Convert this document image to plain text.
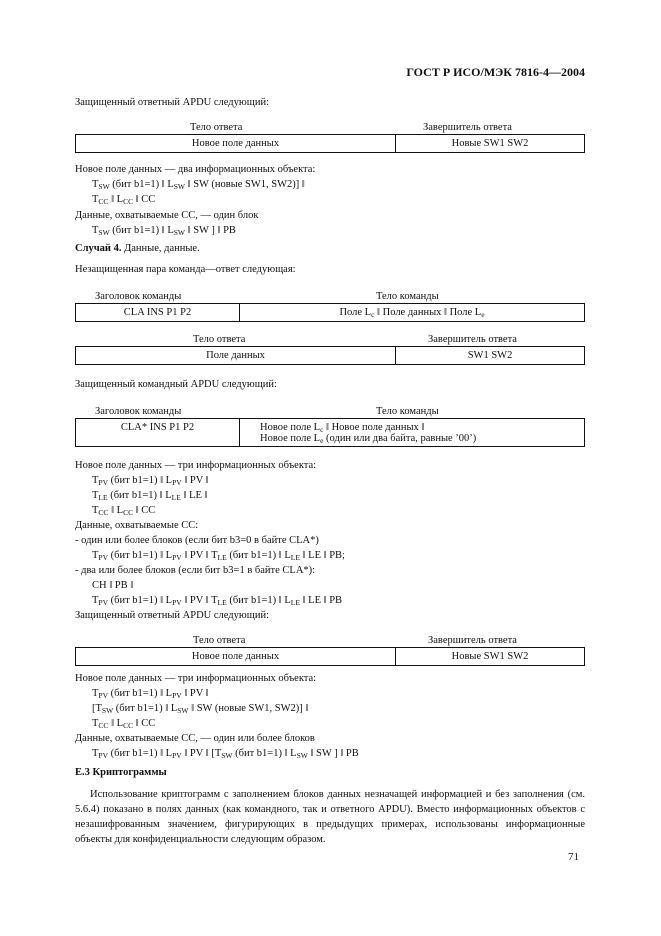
ГОСТ Р ИСО/МЭК 7816-4—2004
Защищенный ответный APDU следующий:
Тело ответа	Завершитель ответа
Новое поле данных	Новые SW1 SW2
Новое поле данных — два информационных объекта:
$T_{SW}$ (бит b1=1) ǁ $L_{SW}$ ǁ SW (новые SW1, SW2)] ǁ
$T_{CC}$ ǁ $L_{CC}$ ǁ CC
Данные, охватываемые CC, — один блок
$T_{SW}$ (бит b1=1) ǁ $L_{SW}$ ǁ SW ] ǁ PB
Случай 4. Данные, данные.
Незащищенная пара команда—ответ следующая:
Заголовок команды	Тело команды
CLA INS P1 P2	Поле $L_c$ ǁ Поле данных ǁ Поле $L_e$
Тело ответа	Завершитель ответа
Поле данных	SW1 SW2
Защищенный командный APDU следующий:
Заголовок команды	Тело команды
CLA* INS P1 P2	Новое поле $L_c$ ǁ Новое поле данных ǁ
Новое поле $L_e$ (один или два байта, равные ’00’)
Новое поле данных — три информационных объекта:
$T_{PV}$ (бит b1=1) ǁ $L_{PV}$ ǁ PV ǁ
$T_{LE}$ (бит b1=1) ǁ $L_{LE}$ ǁ LE ǁ
$T_{CC}$ ǁ $L_{CC}$ ǁ CC
Данные, охватываемые CC:
- один или более блоков (если бит b3=0 в байте CLA*)
$T_{PV}$ (бит b1=1) ǁ $L_{PV}$ ǁ PV ǁ $T_{LE}$ (бит b1=1) ǁ $L_{LE}$ ǁ LE ǁ PB;
- два или более блоков (если бит b3=1 в байте CLA*):
CH ǁ PB ǁ
$T_{PV}$ (бит b1=1) ǁ $L_{PV}$ ǁ PV ǁ $T_{LE}$ (бит b1=1) ǁ $L_{LE}$ ǁ LE ǁ PB
Защищенный ответный APDU следующий:
Тело ответа	Завершитель ответа
Новое поле данных	Новые SW1 SW2
Новое поле данных — три информационных объекта:
$T_{PV}$ (бит b1=1) ǁ $L_{PV}$ ǁ PV ǁ
[$T_{SW}$ (бит b1=1) ǁ $L_{SW}$ ǁ SW (новые SW1, SW2)] ǁ
$T_{CC}$ ǁ $L_{CC}$ ǁ CC
Данные, охватываемые CC, — один или более блоков
$T_{PV}$ (бит b1=1) ǁ $L_{PV}$ ǁ PV ǁ [$T_{SW}$ (бит b1=1) ǁ $L_{SW}$ ǁ SW ] ǁ PB
Е.3 Криптограммы
Использование криптограмм с заполнением блоков данных незначащей информацией и без заполнения (см. 5.6.4) показано в полях данных (как командного, так и ответного APDU). Вместо информационных объектов с незашифрованным значением, фигурирующих в предыдущих примерах, использованы информационные объекты для конфиденциальности следующим образом.
71
